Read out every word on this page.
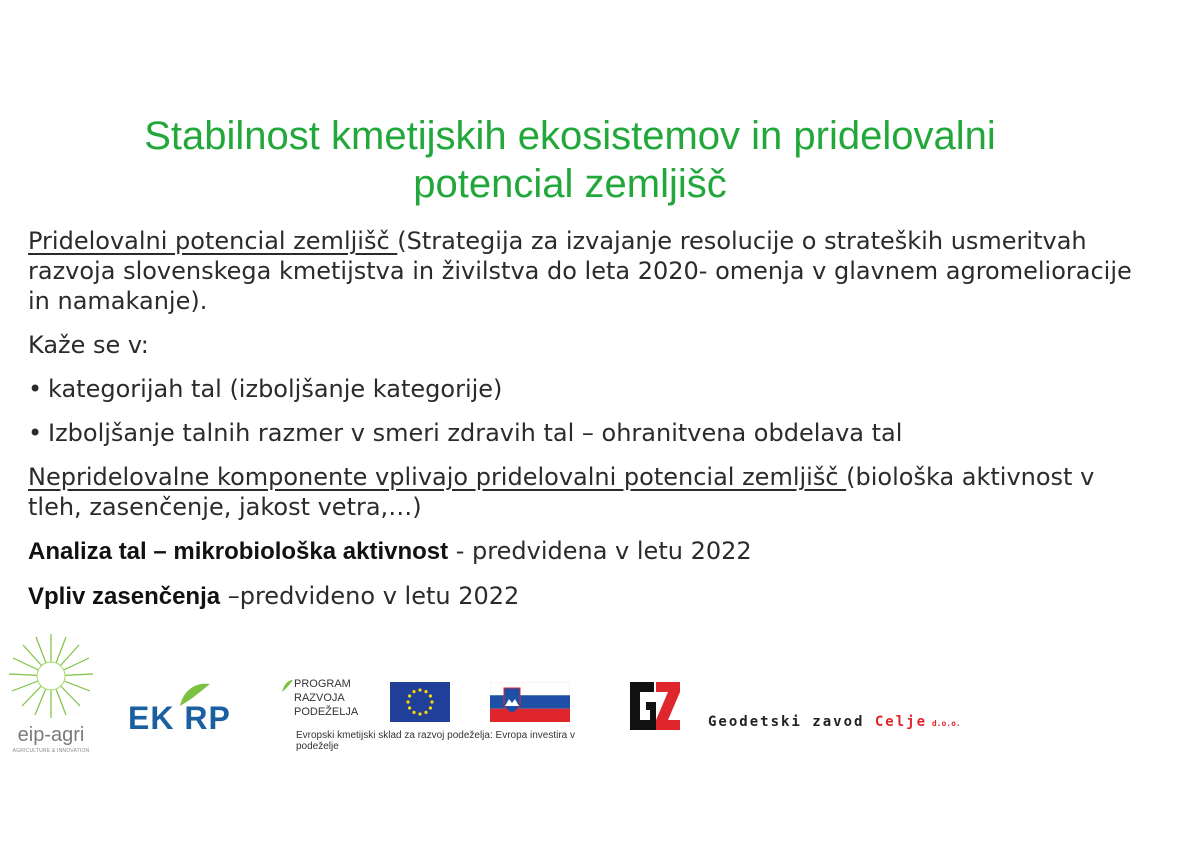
Stabilnost kmetijskih ekosistemov in pridelovalni
potencial zemljišč

Pridelovalni potencial zemljišč (Strategija za izvajanje resolucije o strateških usmeritvah razvoja slovenskega kmetijstva in živilstva do leta 2020- omenja v glavnem agromelioracije in namakanje).

Kaže se v:

• kategorijah tal (izboljšanje kategorije)
• Izboljšanje talnih razmer v smeri zdravih tal – ohranitvena obdelava tal

Nepridelovalne komponente vplivajo pridelovalni potencial zemljišč (biološka aktivnost v tleh, zasenčenje, jakost vetra,…)

Analiza tal – mikrobiološka aktivnost - predvidena v letu 2022

Vpliv zasenčenja –predvideno v letu 2022

eip-agri
AGRICULTURE & INNOVATION
EK RP
PROGRAM
RAZVOJA
PODEŽELJA
Evropski kmetijski sklad za razvoj podeželja: Evropa investira v podeželje
Geodetski zavod Celje d.o.o.
